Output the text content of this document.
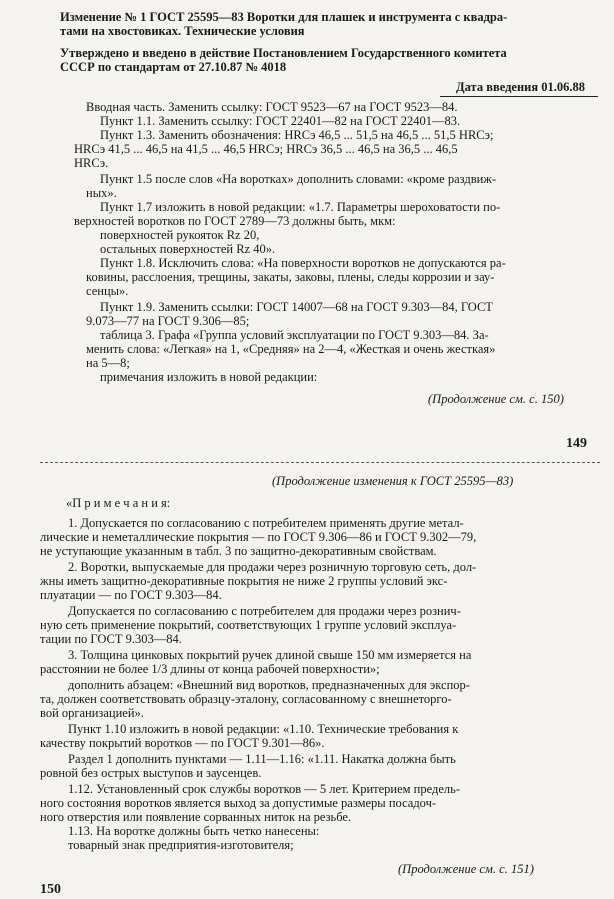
Изменение № 1 ГОСТ 25595—83 Воротки для плашек и инструмента с квадра-
тами на хвостовиках. Технические условия
Утверждено и введено в действие Постановлением Государственного комитета
СССР по стандартам от 27.10.87 № 4018
Дата введения 01.06.88
Вводная часть. Заменить ссылку: ГОСТ 9523—67 на ГОСТ 9523—84.
Пункт 1.1. Заменить ссылку: ГОСТ 22401—82 на ГОСТ 22401—83.
Пункт 1.3. Заменить обозначения: HRCэ 46,5 ... 51,5 на 46,5 ... 51,5 HRCэ;
HRCэ 41,5 ... 46,5 на 41,5 ... 46,5 HRCэ; HRCэ 36,5 ... 46,5 на 36,5 ... 46,5
HRCэ.
Пункт 1.5 после слов «На воротках» дополнить словами: «кроме раздвиж-
ных».
Пункт 1.7 изложить в новой редакции: «1.7. Параметры шероховатости по-
верхностей воротков по ГОСТ 2789—73 должны быть, мкм:
поверхностей рукояток Rz 20,
остальных поверхностей Rz 40».
Пункт 1.8. Исключить слова: «На поверхности воротков не допускаются ра-
ковины, расслоения, трещины, закаты, заковы, плены, следы коррозии и зау-
сенцы».
Пункт 1.9. Заменить ссылки: ГОСТ 14007—68 на ГОСТ 9.303—84, ГОСТ
9.073—77 на ГОСТ 9.306—85;
таблица 3. Графа «Группа условий эксплуатации по ГОСТ 9.303—84. За-
менить слова: «Легкая» на 1, «Средняя» на 2—4, «Жесткая и очень жесткая»
на 5—8;
примечания изложить в новой редакции:
(Продолжение см. с. 150)
149
(Продолжение изменения к ГОСТ 25595—83)
«П р и м е ч а н и я:
1. Допускается по согласованию с потребителем применять другие метал-
лические и неметаллические покрытия — по ГОСТ 9.306—86 и ГОСТ 9.302—79,
не уступающие указанным в табл. 3 по защитно-декоративным свойствам.
2. Воротки, выпускаемые для продажи через розничную торговую сеть, дол-
жны иметь защитно-декоративные покрытия не ниже 2 группы условий экс-
плуатации — по ГОСТ 9.303—84.
Допускается по согласованию с потребителем для продажи через рознич-
ную сеть применение покрытий, соответствующих 1 группе условий эксплуа-
тации по ГОСТ 9.303—84.
3. Толщина цинковых покрытий ручек длиной свыше 150 мм измеряется на
расстоянии не более 1/3 длины от конца рабочей поверхности»;
дополнить абзацем: «Внешний вид воротков, предназначенных для экспор-
та, должен соответствовать образцу-эталону, согласованному с внешнеторго-
вой организацией».
Пункт 1.10 изложить в новой редакции: «1.10. Технические требования к
качеству покрытий воротков — по ГОСТ 9.301—86».
Раздел 1 дополнить пунктами — 1.11—1.16: «1.11. Накатка должна быть
ровной без острых выступов и заусенцев.
1.12. Установленный срок службы воротков — 5 лет. Критерием предель-
ного состояния воротков является выход за допустимые размеры посадоч-
ного отверстия или появление сорванных ниток на резьбе.
1.13. На воротке должны быть четко нанесены:
товарный знак предприятия-изготовителя;
(Продолжение см. с. 151)
150
